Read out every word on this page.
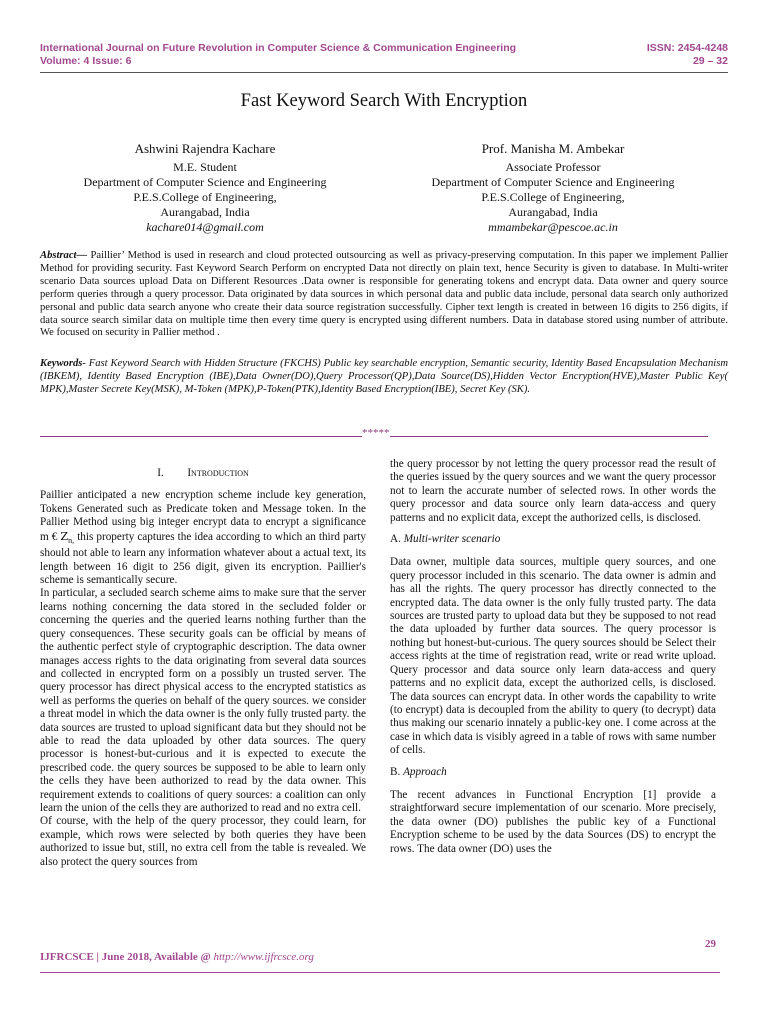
International Journal on Future Revolution in Computer Science & Communication Engineering
Volume: 4 Issue: 6
ISSN: 2454-4248
29 – 32
Fast Keyword Search With Encryption
Ashwini Rajendra Kachare
M.E. Student
Department of Computer Science and Engineering
P.E.S.College of Engineering,
Aurangabad, India
kachare014@gmail.com
Prof. Manisha M. Ambekar
Associate Professor
Department of Computer Science and Engineering
P.E.S.College of Engineering,
Aurangabad, India
mmambekar@pescoe.ac.in
Abstract— Paillier’ Method is used in research and cloud protected outsourcing as well as privacy-preserving computation. In this paper we implement Pallier Method for providing security. Fast Keyword Search Perform on encrypted Data not directly on plain text, hence Security is given to database. In Multi-writer scenario Data sources upload Data on Different Resources .Data owner is responsible for generating tokens and encrypt data. Data owner and query source perform queries through a query processor. Data originated by data sources in which personal data and public data include, personal data search only authorized personal and public data search anyone who create their data source registration successfully. Cipher text length is created in between 16 digits to 256 digits, if data source search similar data on multiple time then every time query is encrypted using different numbers. Data in database stored using number of attribute. We focused on security in Pallier method .
Keywords- Fast Keyword Search with Hidden Structure (FKCHS) Public key searchable encryption, Semantic security, Identity Based Encapsulation Mechanism (IBKEM), Identity Based Encryption (IBE),Data Owner(DO),Query Processor(QP),Data Source(DS),Hidden Vector Encryption(HVE),Master Public Key( MPK),Master Secrete Key(MSK), M-Token (MPK),P-Token(PTK),Identity Based Encryption(IBE), Secret Key (SK).
*****
I. Introduction

Paillier anticipated a new encryption scheme include key generation, Tokens Generated such as Predicate token and Message token. In the Pallier Method using big integer encrypt data to encrypt a significance m € $Z_{n,}$ this property captures the idea according to which an third party should not able to learn any information whatever about a actual text, its length between 16 digit to 256 digit, given its encryption. Paillier's scheme is semantically secure.

In particular, a secluded search scheme aims to make sure that the server learns nothing concerning the data stored in the secluded folder or concerning the queries and the queried learns nothing further than the query consequences. These security goals can be official by means of the authentic perfect style of cryptographic description. The data owner manages access rights to the data originating from several data sources and collected in encrypted form on a possibly un trusted server. The query processor has direct physical access to the encrypted statistics as well as performs the queries on behalf of the query sources. we consider a threat model in which the data owner is the only fully trusted party. the data sources are trusted to upload significant data but they should not be able to read the data uploaded by other data sources. The query processor is honest-but-curious and it is expected to execute the prescribed code. the query sources be supposed to be able to learn only the cells they have been authorized to read by the data owner. This requirement extends to coalitions of query sources: a coalition can only learn the union of the cells they are authorized to read and no extra cell.

Of course, with the help of the query processor, they could learn, for example, which rows were selected by both queries they have been authorized to issue but, still, no extra cell from the table is revealed. We also protect the query sources from

the query processor by not letting the query processor read the result of the queries issued by the query sources and we want the query processor not to learn the accurate number of selected rows. In other words the query processor and data source only learn data-access and query patterns and no explicit data, except the authorized cells, is disclosed.

A. Multi-writer scenario

Data owner, multiple data sources, multiple query sources, and one query processor included in this scenario. The data owner is admin and has all the rights. The query processor has directly connected to the encrypted data. The data owner is the only fully trusted party. The data sources are trusted party to upload data but they be supposed to not read the data uploaded by further data sources. The query processor is nothing but honest-but-curious. The query sources should be Select their access rights at the time of registration read, write or read write upload. Query processor and data source only learn data-access and query patterns and no explicit data, except the authorized cells, is disclosed. The data sources can encrypt data. In other words the capability to write (to encrypt) data is decoupled from the ability to query (to decrypt) data thus making our scenario innately a public-key one. I come across at the case in which data is visibly agreed in a table of rows with same number of cells.

B. Approach

The recent advances in Functional Encryption [1] provide a straightforward secure implementation of our scenario. More precisely, the data owner (DO) publishes the public key of a Functional Encryption scheme to be used by the data Sources (DS) to encrypt the rows. The data owner (DO) uses the

29
IJFRCSCE | June 2018, Available @ http://www.ijfrcsce.org
